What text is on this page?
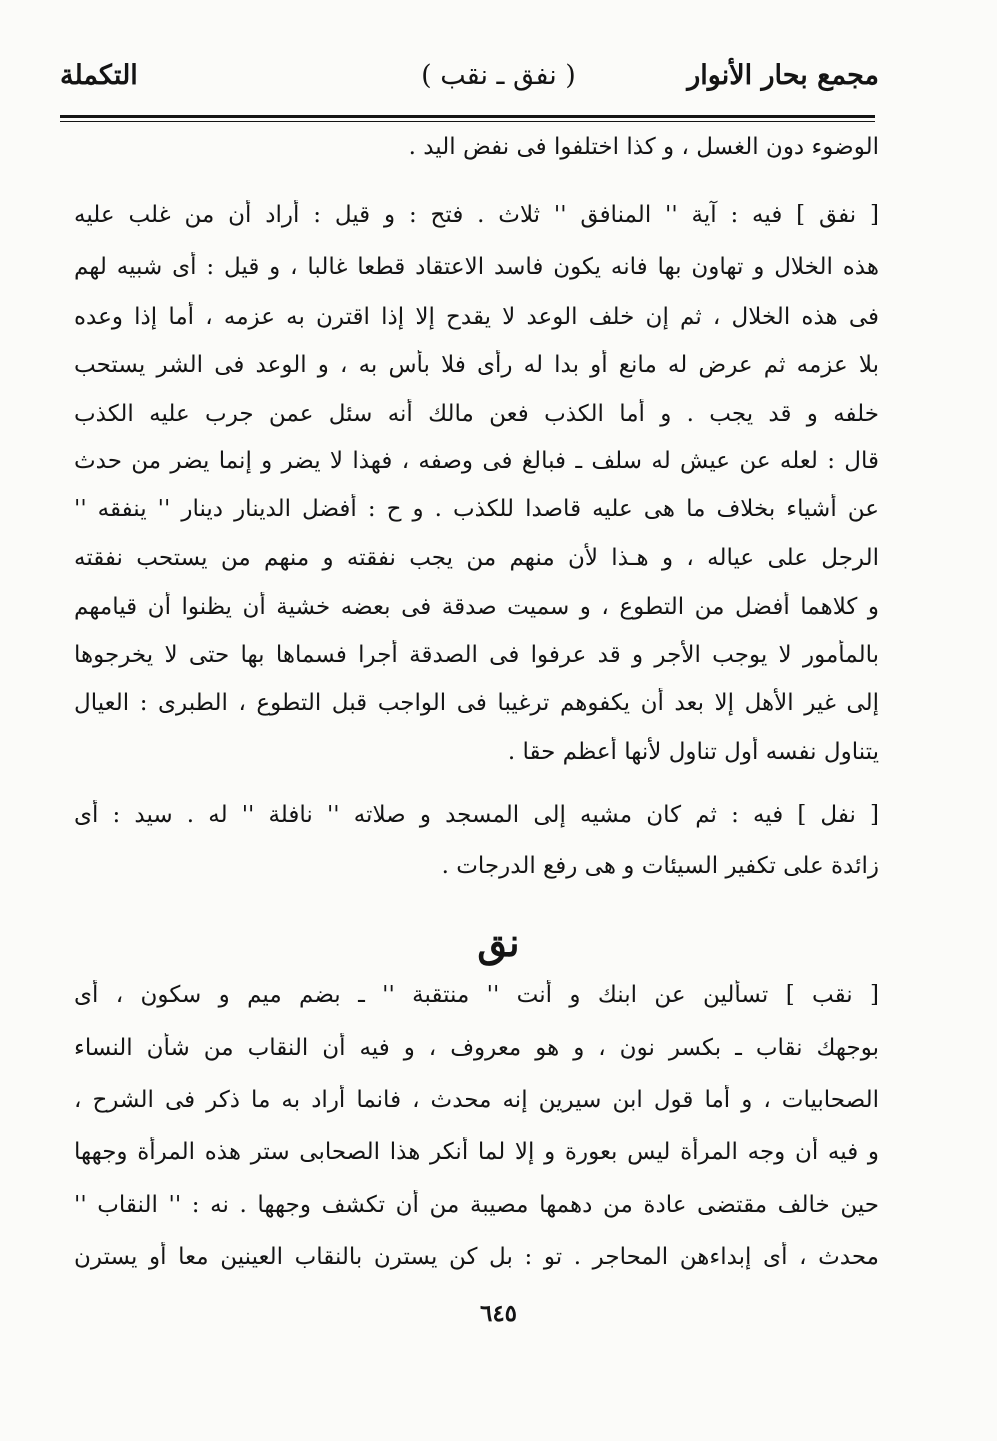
مجمع بحار الأنوار
( نفق ـ نقب )
التكملة
الوضوء دون الغسل ، و كذا اختلفوا فى نفض اليد .
[ نفق ] فيه : آية '' المنافق '' ثلاث . فتح : و قيل : أراد أن من غلب عليه
هذه الخلال و تهاون بها فانه يكون فاسد الاعتقاد قطعا غالبا ، و قيل : أى شبيه لهم
فى هذه الخلال ، ثم إن خلف الوعد لا يقدح إلا إذا اقترن به عزمه ، أما إذا وعده
بلا عزمه ثم عرض له مانع أو بدا له رأى فلا بأس به ، و الوعد فى الشر يستحب
خلفه و قد يجب . و أما الكذب فعن مالك أنه سئل عمن جرب عليه الكذب
قال : لعله عن عيش له سلف ـ فبالغ فى وصفه ، فهذا لا يضر و إنما يضر من حدث
عن أشياء بخلاف ما هى عليه قاصدا للكذب . و ح : أفضل الدينار دينار '' ينفقه ''
الرجل على عياله ، و هـذا لأن منهم من يجب نفقته و منهم من يستحب نفقته
و كلاهما أفضل من التطوع ، و سميت صدقة فى بعضه خشية أن يظنوا أن قيامهم
بالمأمور لا يوجب الأجر و قد عرفوا فى الصدقة أجرا فسماها بها حتى لا يخرجوها
إلى غير الأهل إلا بعد أن يكفوهم ترغيبا فى الواجب قبل التطوع ، الطبرى : العيال
يتناول نفسه أول تناول لأنها أعظم حقا .
[ نفل ] فيه : ثم كان مشيه إلى المسجد و صلاته '' نافلة '' له . سيد : أى
زائدة على تكفير السيئات و هى رفع الدرجات .
نق
[ نقب ] تسألين عن ابنك و أنت '' منتقبة '' ـ بضم ميم و سكون ، أى
بوجهك نقاب ـ بكسر نون ، و هو معروف ، و فيه أن النقاب من شأن النساء
الصحابيات ، و أما قول ابن سيرين إنه محدث ، فانما أراد به ما ذكر فى الشرح ،
و فيه أن وجه المرأة ليس بعورة و إلا لما أنكر هذا الصحابى ستر هذه المرأة وجهها
حين خالف مقتضى عادة من دهمها مصيبة من أن تكشف وجهها . نه : '' النقاب ''
محدث ، أى إبداءهن المحاجر . تو : بل كن يسترن بالنقاب العينين معا أو يسترن
٦٤٥
